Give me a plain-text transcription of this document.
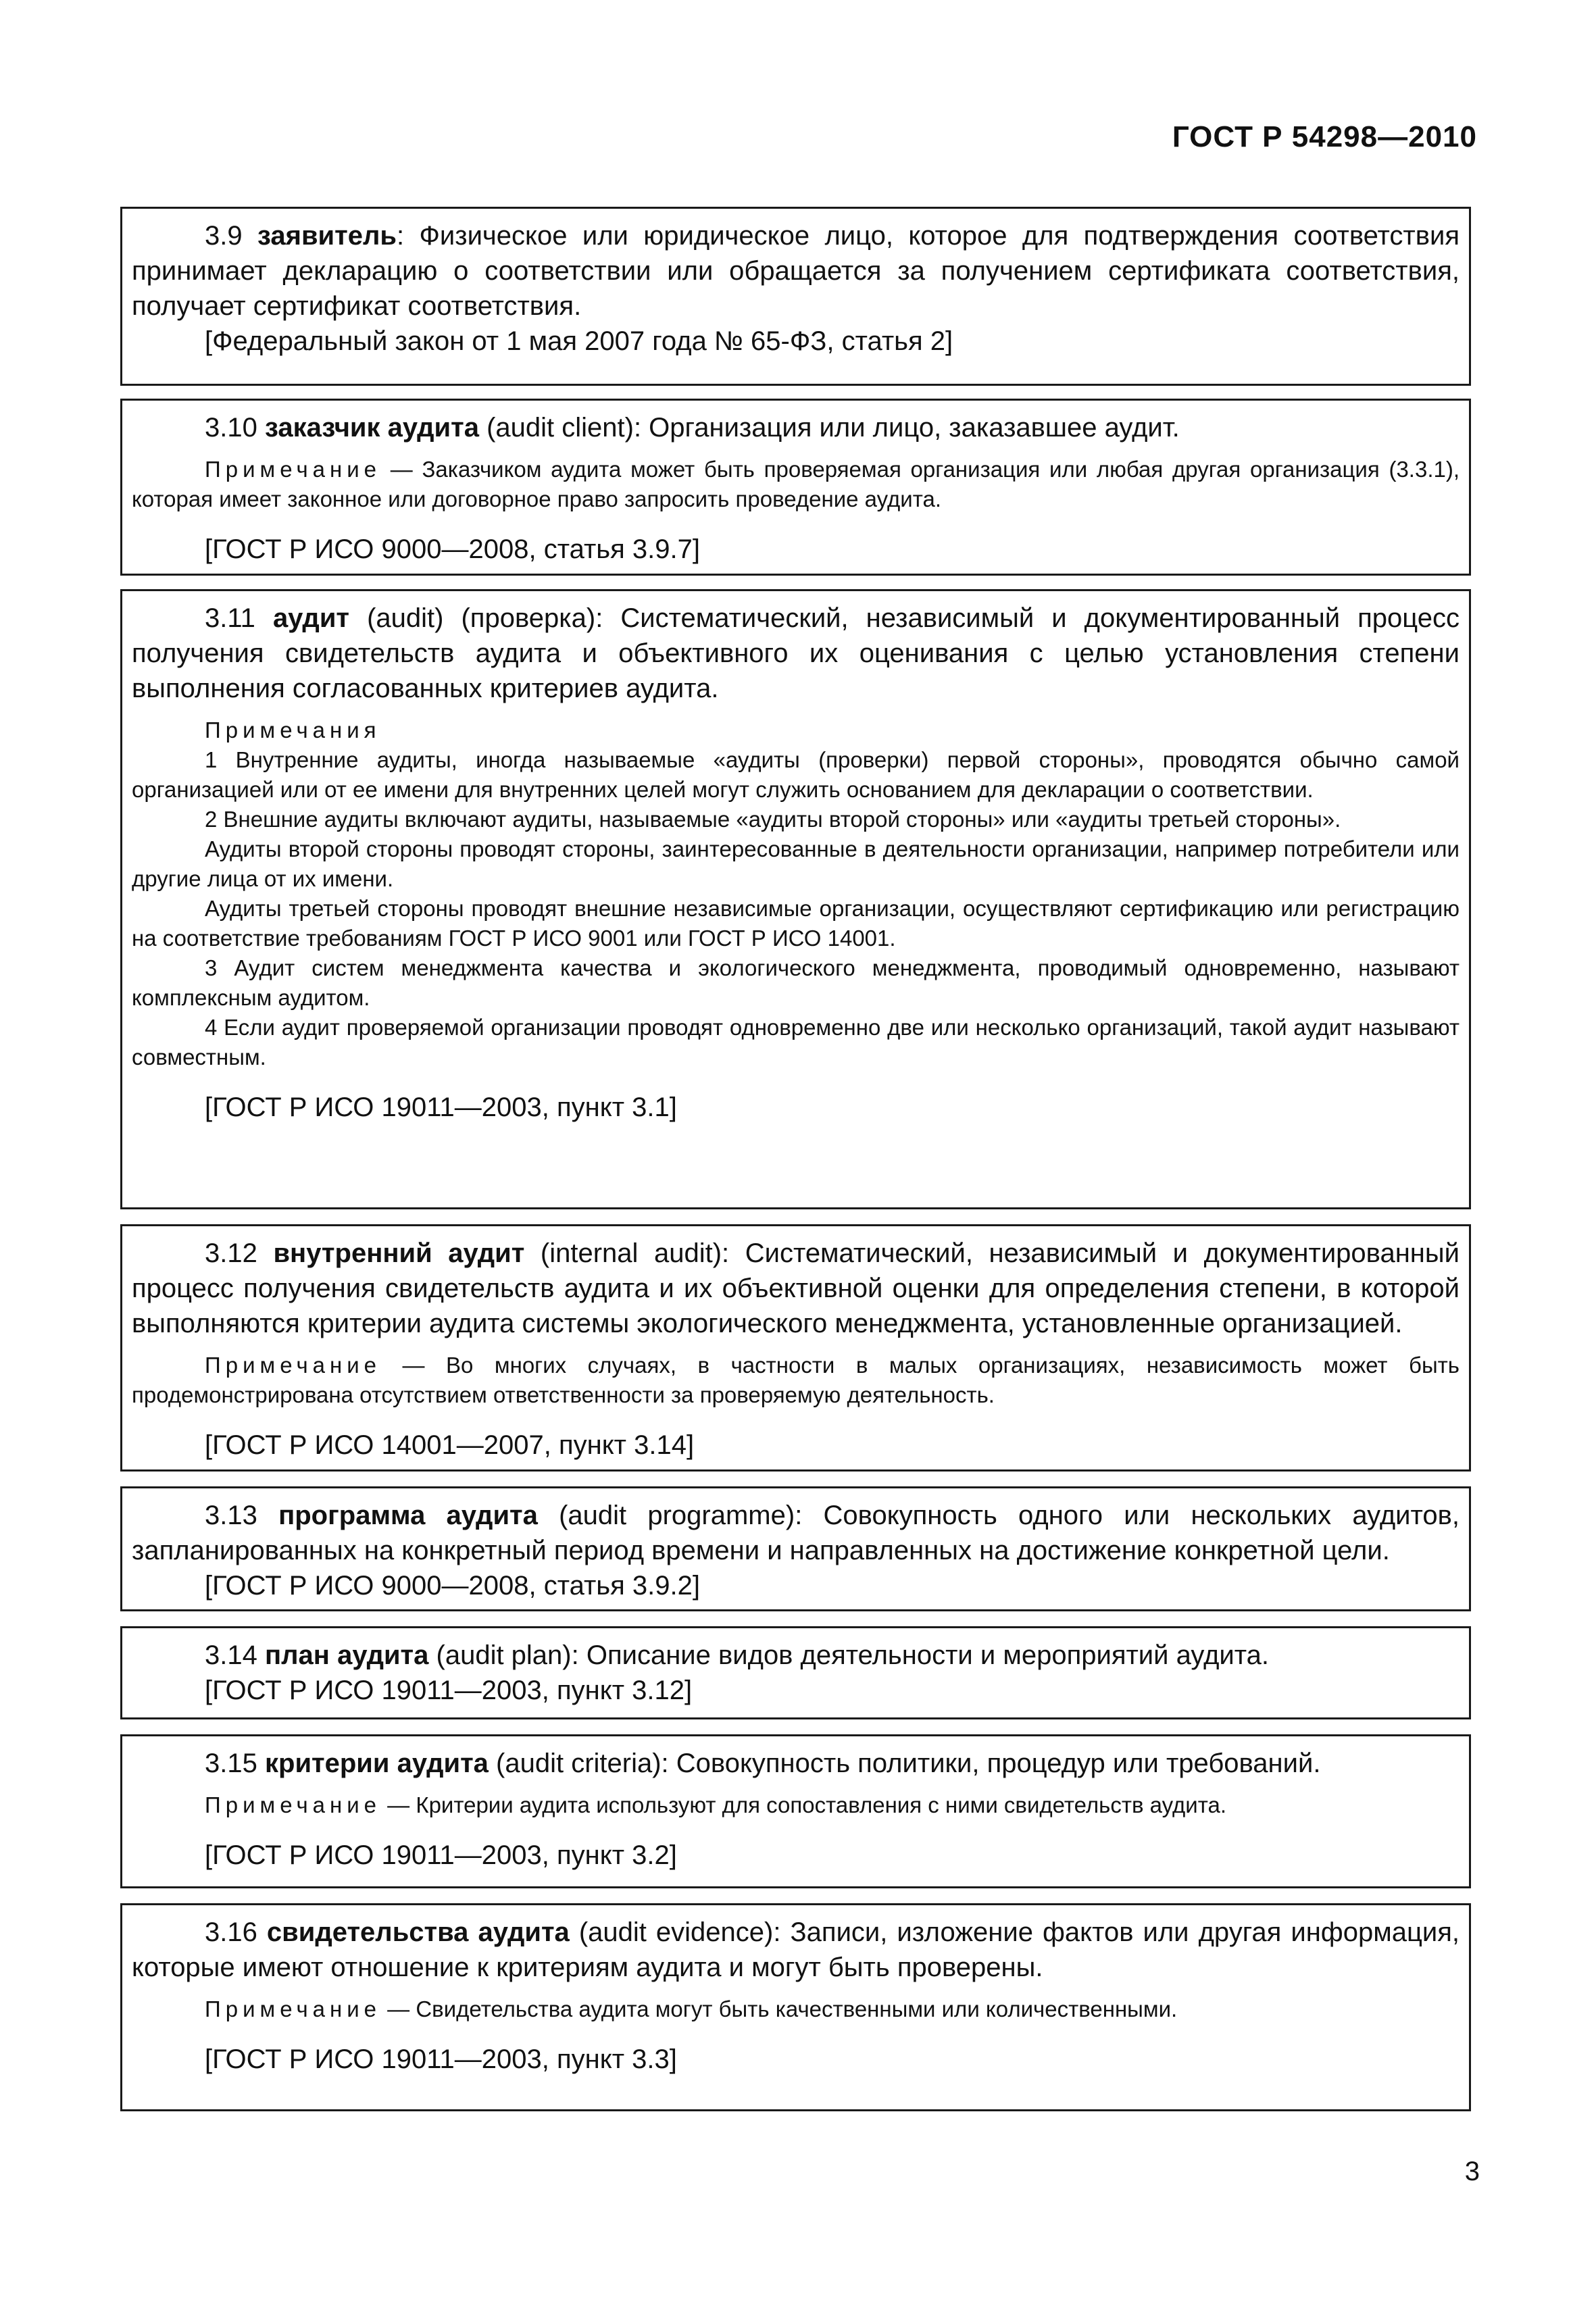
ГОСТ Р 54298—2010

3.9 заявитель: Физическое или юридическое лицо, которое для подтверждения соответствия принимает декларацию о соответствии или обращается за получением сертификата соответствия, получает сертификат соответствия.

[Федеральный закон от 1 мая 2007 года № 65-ФЗ, статья 2]

3.10 заказчик аудита (audit client): Организация или лицо, заказавшее аудит.

Примечание — Заказчиком аудита может быть проверяемая организация или любая другая организация (3.3.1), которая имеет законное или договорное право запросить проведение аудита.

[ГОСТ Р ИСО 9000—2008, статья 3.9.7]

3.11 аудит (audit) (проверка): Систематический, независимый и документированный процесс получения свидетельств аудита и объективного их оценивания с целью установления степени выполнения согласованных критериев аудита.

Примечания

1 Внутренние аудиты, иногда называемые «аудиты (проверки) первой стороны», проводятся обычно самой организацией или от ее имени для внутренних целей могут служить основанием для декларации о соответствии.

2 Внешние аудиты включают аудиты, называемые «аудиты второй стороны» или «аудиты третьей стороны».

Аудиты второй стороны проводят стороны, заинтересованные в деятельности организации, например потребители или другие лица от их имени.

Аудиты третьей стороны проводят внешние независимые организации, осуществляют сертификацию или регистрацию на соответствие требованиям ГОСТ Р ИСО 9001 или ГОСТ Р ИСО 14001.

3 Аудит систем менеджмента качества и экологического менеджмента, проводимый одновременно, называют комплексным аудитом.

4 Если аудит проверяемой организации проводят одновременно две или несколько организаций, такой аудит называют совместным.

[ГОСТ Р ИСО 19011—2003, пункт 3.1]

3.12 внутренний аудит (internal audit): Систематический, независимый и документированный процесс получения свидетельств аудита и их объективной оценки для определения степени, в которой выполняются критерии аудита системы экологического менеджмента, установленные организацией.

Примечание — Во многих случаях, в частности в малых организациях, независимость может быть продемонстрирована отсутствием ответственности за проверяемую деятельность.

[ГОСТ Р ИСО 14001—2007, пункт 3.14]

3.13 программа аудита (audit programme): Совокупность одного или нескольких аудитов, запланированных на конкретный период времени и направленных на достижение конкретной цели.

[ГОСТ Р ИСО 9000—2008, статья 3.9.2]

3.14 план аудита (audit plan): Описание видов деятельности и мероприятий аудита.

[ГОСТ Р ИСО 19011—2003, пункт 3.12]

3.15 критерии аудита (audit criteria): Совокупность политики, процедур или требований.

Примечание — Критерии аудита используют для сопоставления с ними свидетельств аудита.

[ГОСТ Р ИСО 19011—2003, пункт 3.2]

3.16 свидетельства аудита (audit evidence): Записи, изложение фактов или другая информация, которые имеют отношение к критериям аудита и могут быть проверены.

Примечание — Свидетельства аудита могут быть качественными или количественными.

[ГОСТ Р ИСО 19011—2003, пункт 3.3]

3
